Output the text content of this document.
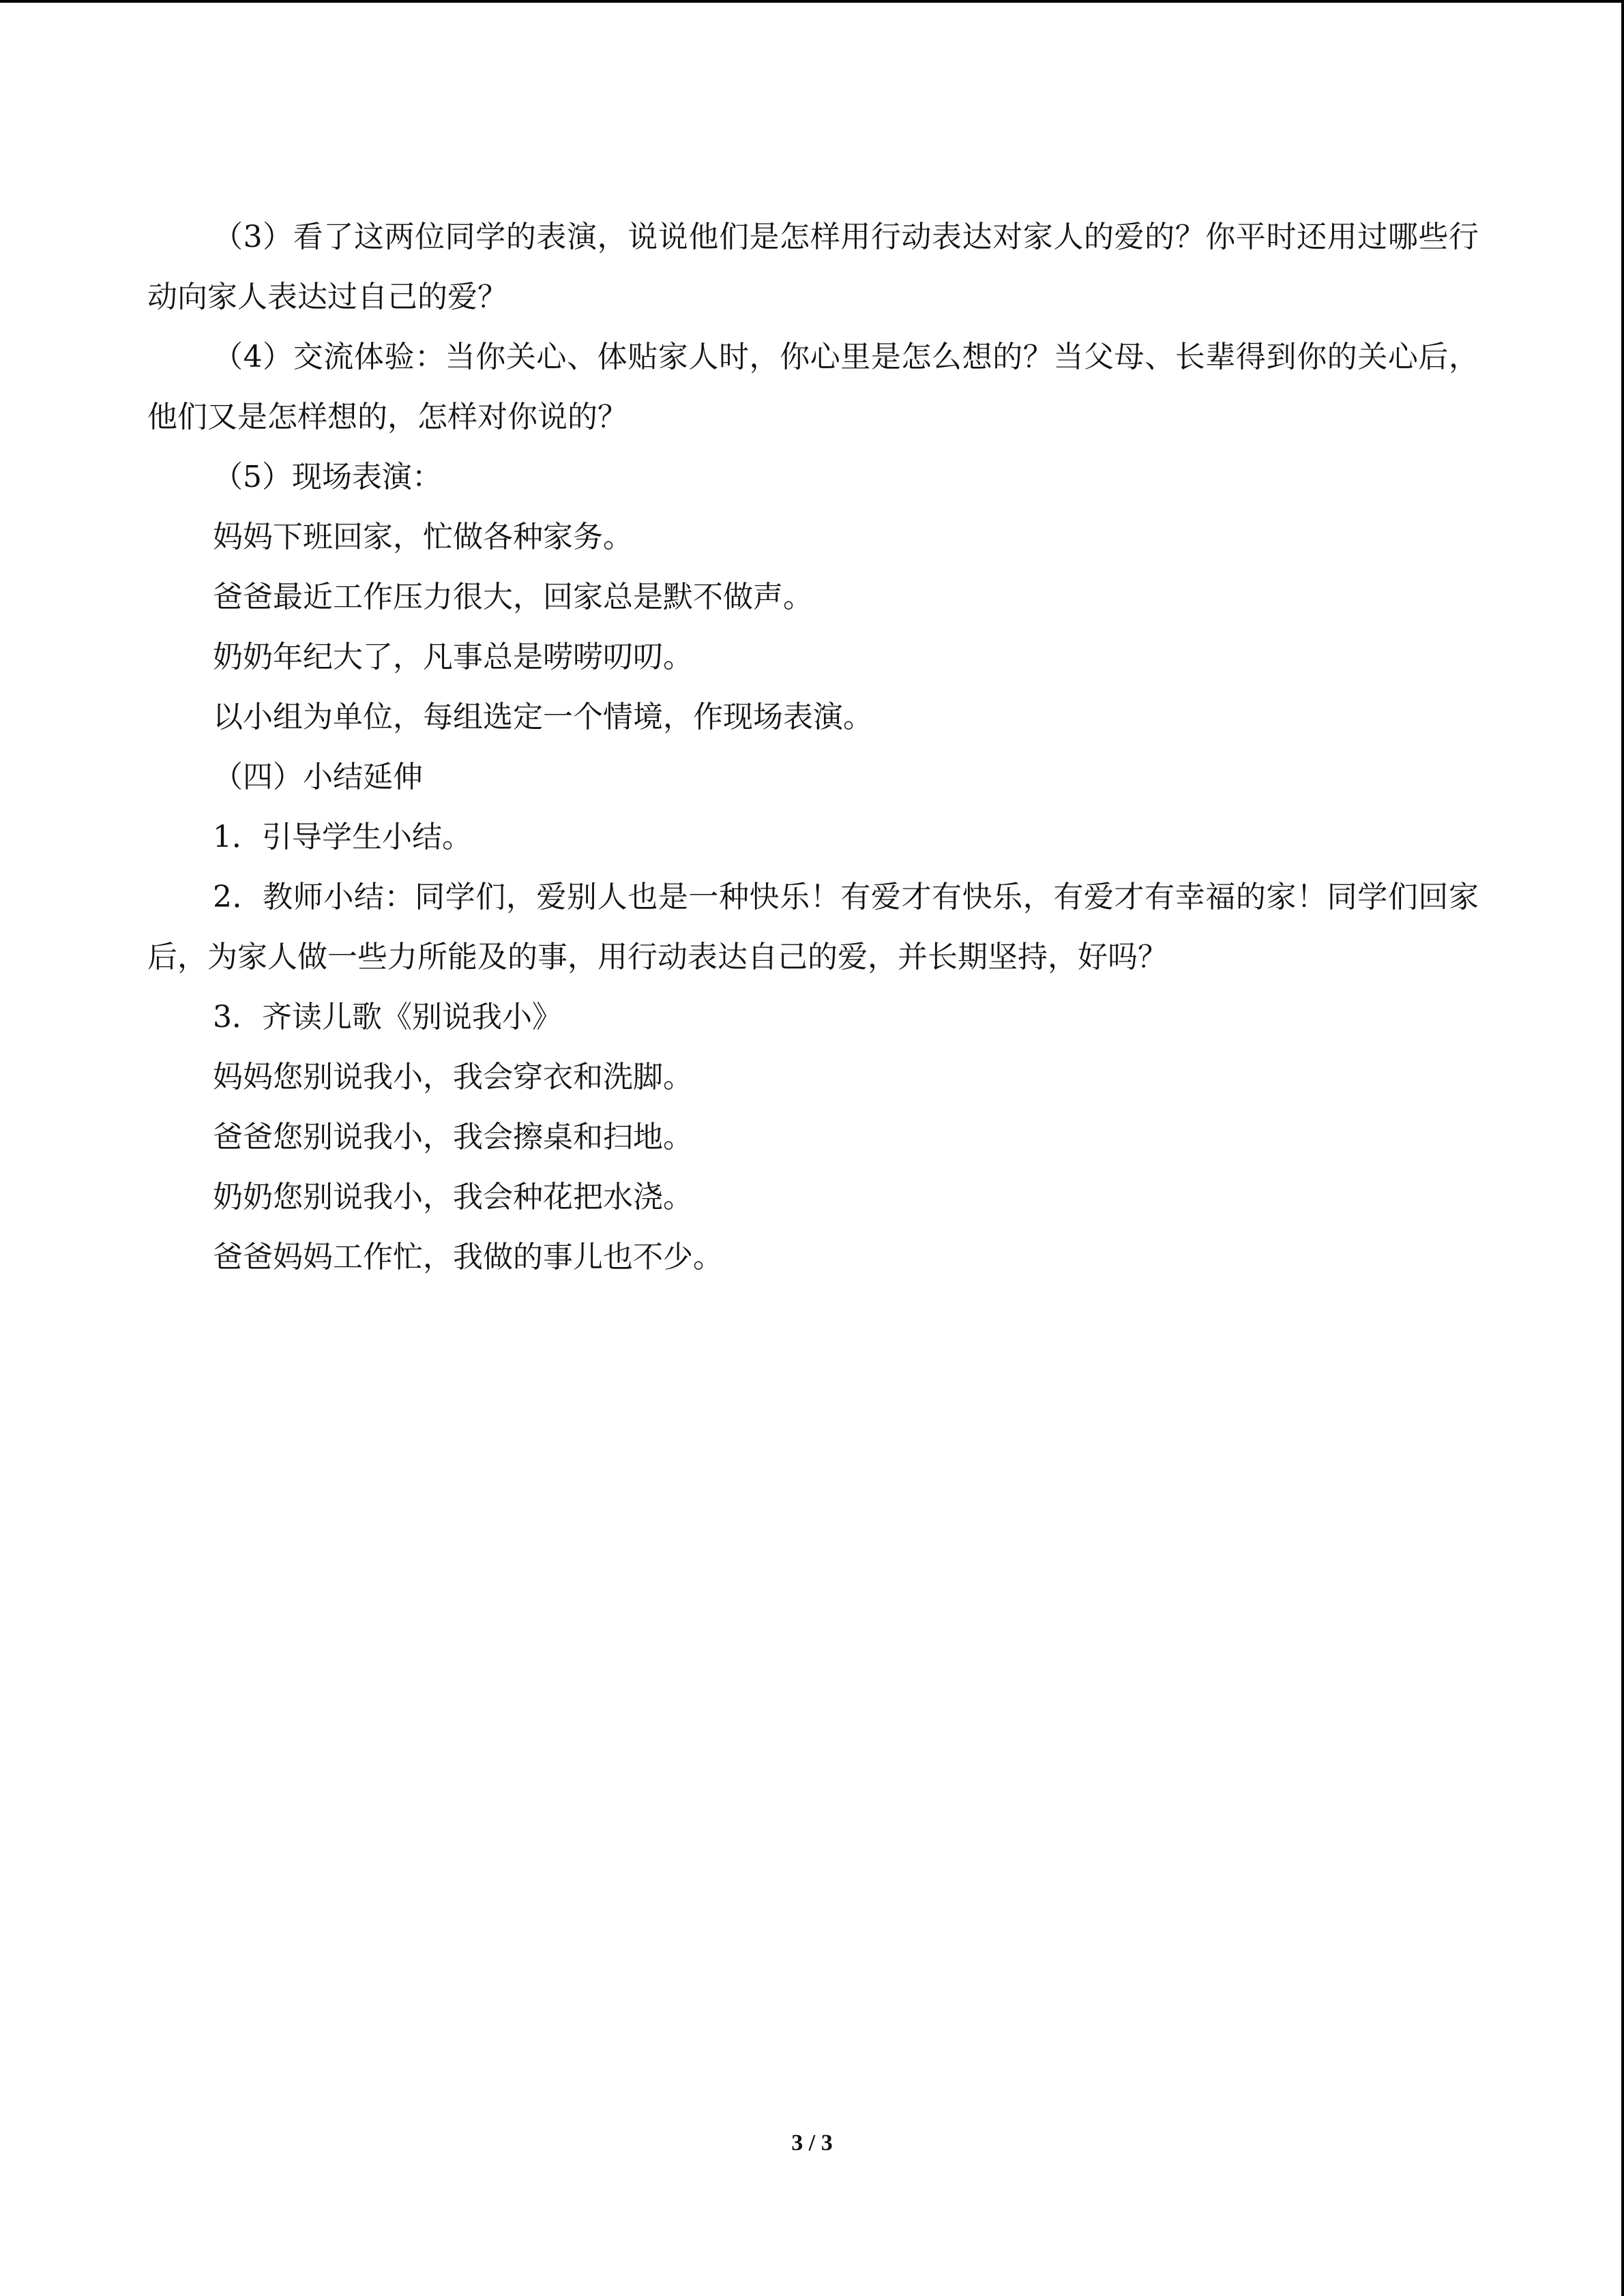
（3）看了这两位同学的表演，说说他们是怎样用行动表达对家人的爱的？你平时还用过哪些行动向家人表达过自己的爱？

（4）交流体验：当你关心、体贴家人时，你心里是怎么想的？当父母、长辈得到你的关心后，他们又是怎样想的，怎样对你说的？

（5）现场表演：

妈妈下班回家，忙做各种家务。

爸爸最近工作压力很大，回家总是默不做声。

奶奶年纪大了，凡事总是唠唠叨叨。

以小组为单位，每组选定一个情境，作现场表演。

（四）小结延伸

1．引导学生小结。

2．教师小结：同学们，爱别人也是一种快乐！有爱才有快乐，有爱才有幸福的家！同学们回家后，为家人做一些力所能及的事，用行动表达自己的爱，并长期坚持，好吗？

3．齐读儿歌《别说我小》

妈妈您别说我小，我会穿衣和洗脚。

爸爸您别说我小，我会擦桌和扫地。

奶奶您别说我小，我会种花把水浇。

爸爸妈妈工作忙，我做的事儿也不少。

3 / 3
